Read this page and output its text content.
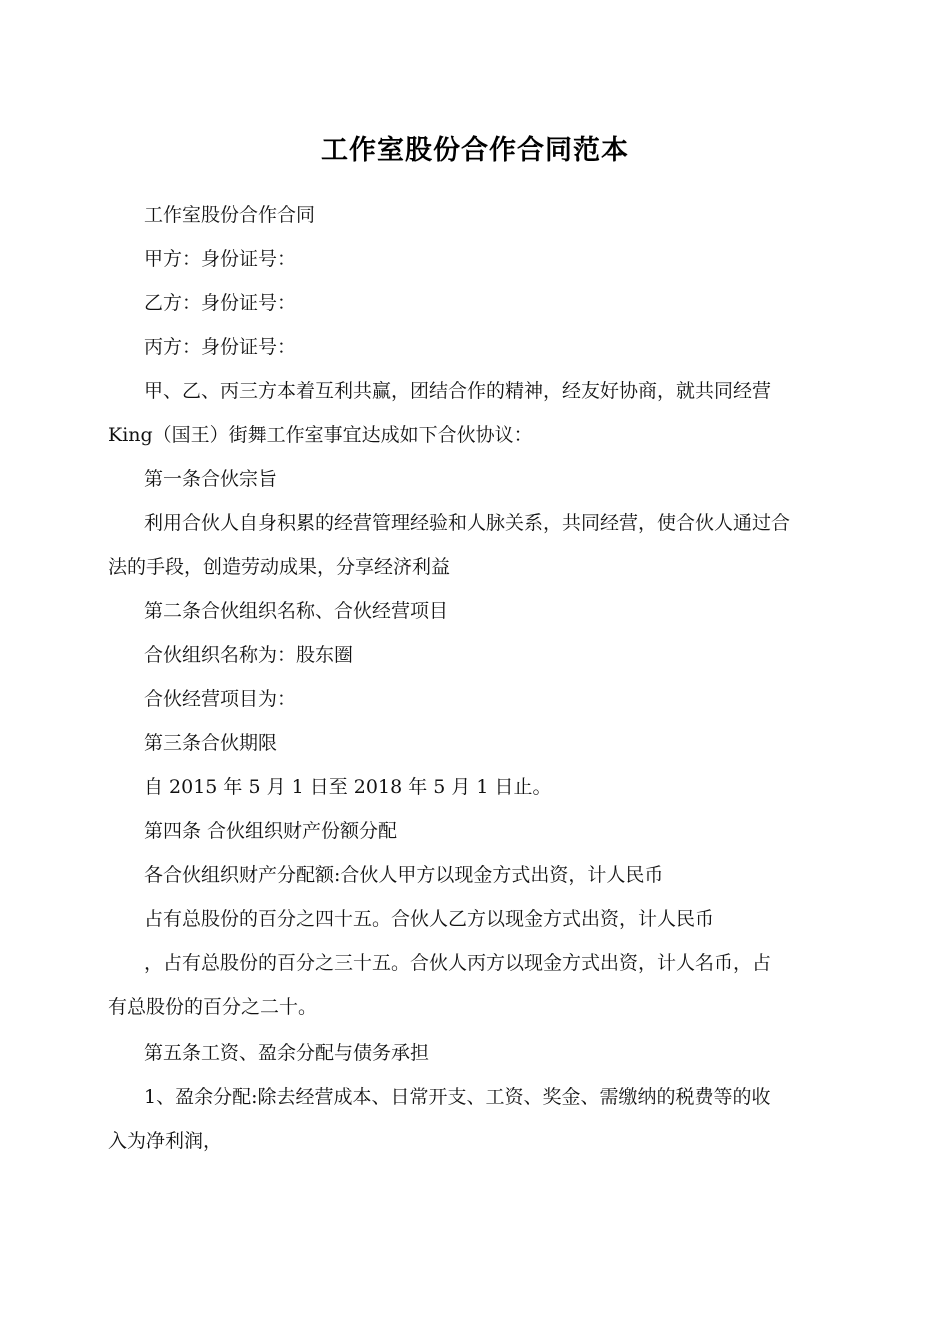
工作室股份合作合同范本
工作室股份合作合同
甲方：身份证号：
乙方：身份证号：
丙方：身份证号：
甲、乙、丙三方本着互利共赢，团结合作的精神，经友好协商，就共同经营
King（国王）街舞工作室事宜达成如下合伙协议：
第一条合伙宗旨
利用合伙人自身积累的经营管理经验和人脉关系，共同经营，使合伙人通过合
法的手段，创造劳动成果，分享经济利益
第二条合伙组织名称、合伙经营项目
合伙组织名称为：股东圈
合伙经营项目为：
第三条合伙期限
自 2015 年 5 月 1 日至 2018 年 5 月 1 日止。
第四条 合伙组织财产份额分配
各合伙组织财产分配额:合伙人甲方以现金方式出资，计人民币
占有总股份的百分之四十五。合伙人乙方以现金方式出资，计人民币
，占有总股份的百分之三十五。合伙人丙方以现金方式出资，计人名币，占
有总股份的百分之二十。
第五条工资、盈余分配与债务承担
1、盈余分配:除去经营成本、日常开支、工资、奖金、需缴纳的税费等的收
入为净利润，
